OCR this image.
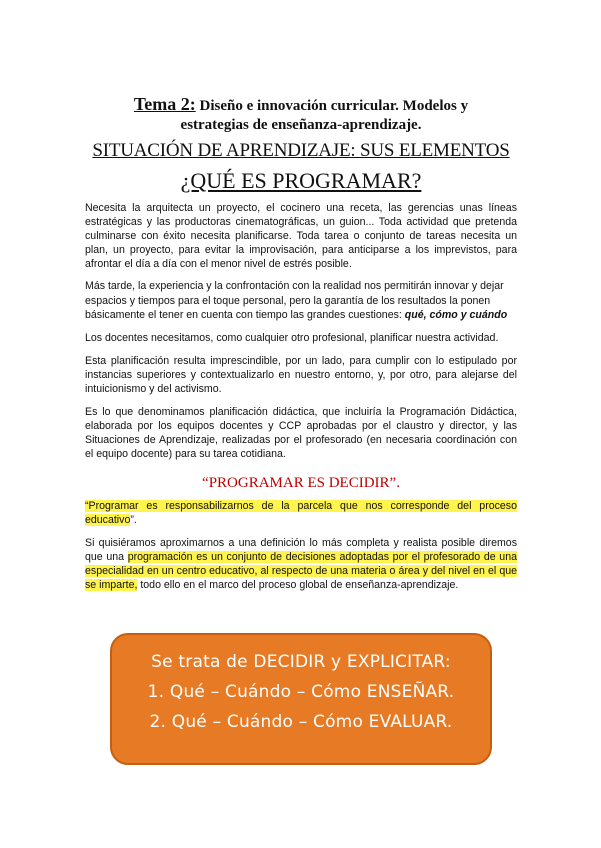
Tema 2: Diseño e innovación curricular. Modelos y
estrategias de enseñanza-aprendizaje.
SITUACIÓN DE APRENDIZAJE: SUS ELEMENTOS
¿QUÉ ES PROGRAMAR?

Necesita la arquitecta un proyecto, el cocinero una receta, las gerencias unas líneas estratégicas y las productoras cinematográficas, un guion... Toda actividad que pretenda culminarse con éxito necesita planificarse. Toda tarea o conjunto de tareas necesita un plan, un proyecto, para evitar la improvisación, para anticiparse a los imprevistos, para afrontar el día a día con el menor nivel de estrés posible.

Más tarde, la experiencia y la confrontación con la realidad nos permitirán innovar y dejar espacios y tiempos para el toque personal, pero la garantía de los resultados la ponen básicamente el tener en cuenta con tiempo las grandes cuestiones: qué, cómo y cuándo

Los docentes necesitamos, como cualquier otro profesional, planificar nuestra actividad.

Esta planificación resulta imprescindible, por un lado, para cumplir con lo estipulado por instancias superiores y contextualizarlo en nuestro entorno, y, por otro, para alejarse del intuicionismo y del activismo.

Es lo que denominamos planificación didáctica, que incluiría la Programación Didáctica, elaborada por los equipos docentes y CCP aprobadas por el claustro y director, y las Situaciones de Aprendizaje, realizadas por el profesorado (en necesaria coordinación con el equipo docente) para su tarea cotidiana.

“PROGRAMAR ES DECIDIR”.

“Programar es responsabilizarnos de la parcela que nos corresponde del proceso educativo”.

Si quisiéramos aproximarnos a una definición lo más completa y realista posible diremos que una programación es un conjunto de decisiones adoptadas por el profesorado de una especialidad en un centro educativo, al respecto de una materia o área y del nivel en el que se imparte, todo ello en el marco del proceso global de enseñanza-aprendizaje.

Se trata de DECIDIR y EXPLICITAR:
1. Qué – Cuándo – Cómo ENSEÑAR.
2. Qué – Cuándo – Cómo EVALUAR.
